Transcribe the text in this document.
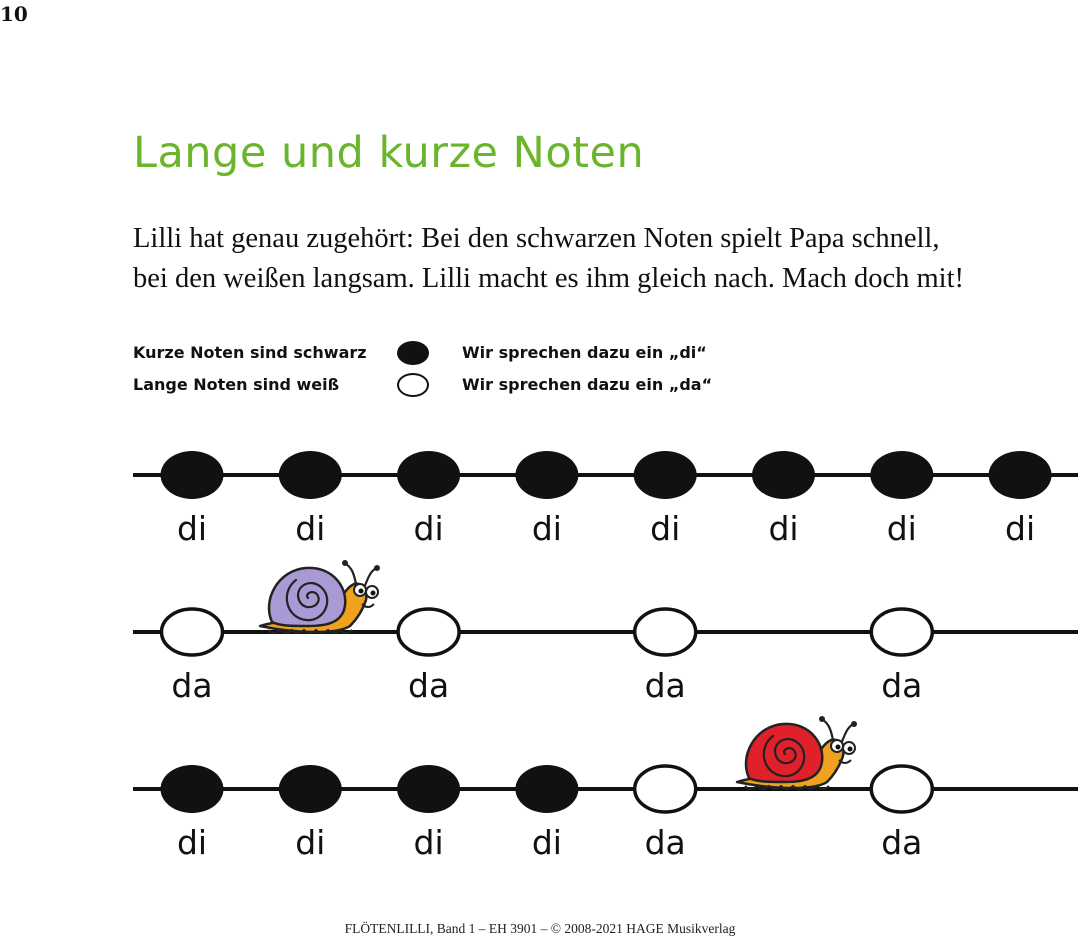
10
Lange und kurze Noten
Lilli hat genau zugehört: Bei den schwarzen Noten spielt Papa schnell,
bei den weißen langsam. Lilli macht es ihm gleich nach. Mach doch mit!
Kurze Noten sind schwarz	Wir sprechen dazu ein „di“
Lange Noten sind weiß	Wir sprechen dazu ein „da“
di	di	di	di	di	di	di	di
da	da	da	da
di	di	di	di	da	da
FLÖTENLILLI, Band 1 – EH 3901 – © 2008-2021 HAGE Musikverlag
